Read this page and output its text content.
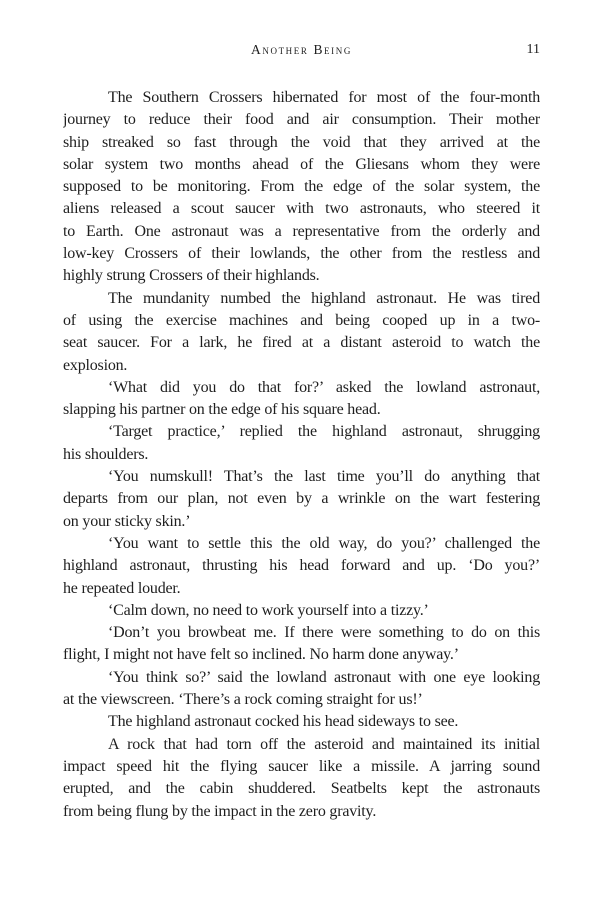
Another Being	11
The Southern Crossers hibernated for most of the four-month
journey to reduce their food and air consumption. Their mother
ship streaked so fast through the void that they arrived at the
solar system two months ahead of the Gliesans whom they were
supposed to be monitoring. From the edge of the solar system, the
aliens released a scout saucer with two astronauts, who steered it
to Earth. One astronaut was a representative from the orderly and
low-key Crossers of their lowlands, the other from the restless and
highly strung Crossers of their highlands.
The mundanity numbed the highland astronaut. He was tired
of using the exercise machines and being cooped up in a two-
seat saucer. For a lark, he fired at a distant asteroid to watch the
explosion.
‘What did you do that for?’ asked the lowland astronaut,
slapping his partner on the edge of his square head.
‘Target practice,’ replied the highland astronaut, shrugging
his shoulders.
‘You numskull! That’s the last time you’ll do anything that
departs from our plan, not even by a wrinkle on the wart festering
on your sticky skin.’
‘You want to settle this the old way, do you?’ challenged the
highland astronaut, thrusting his head forward and up. ‘Do you?’
he repeated louder.
‘Calm down, no need to work yourself into a tizzy.’
‘Don’t you browbeat me. If there were something to do on this
flight, I might not have felt so inclined. No harm done anyway.’
‘You think so?’ said the lowland astronaut with one eye looking
at the viewscreen. ‘There’s a rock coming straight for us!’
The highland astronaut cocked his head sideways to see.
A rock that had torn off the asteroid and maintained its initial
impact speed hit the flying saucer like a missile. A jarring sound
erupted, and the cabin shuddered. Seatbelts kept the astronauts
from being flung by the impact in the zero gravity.
